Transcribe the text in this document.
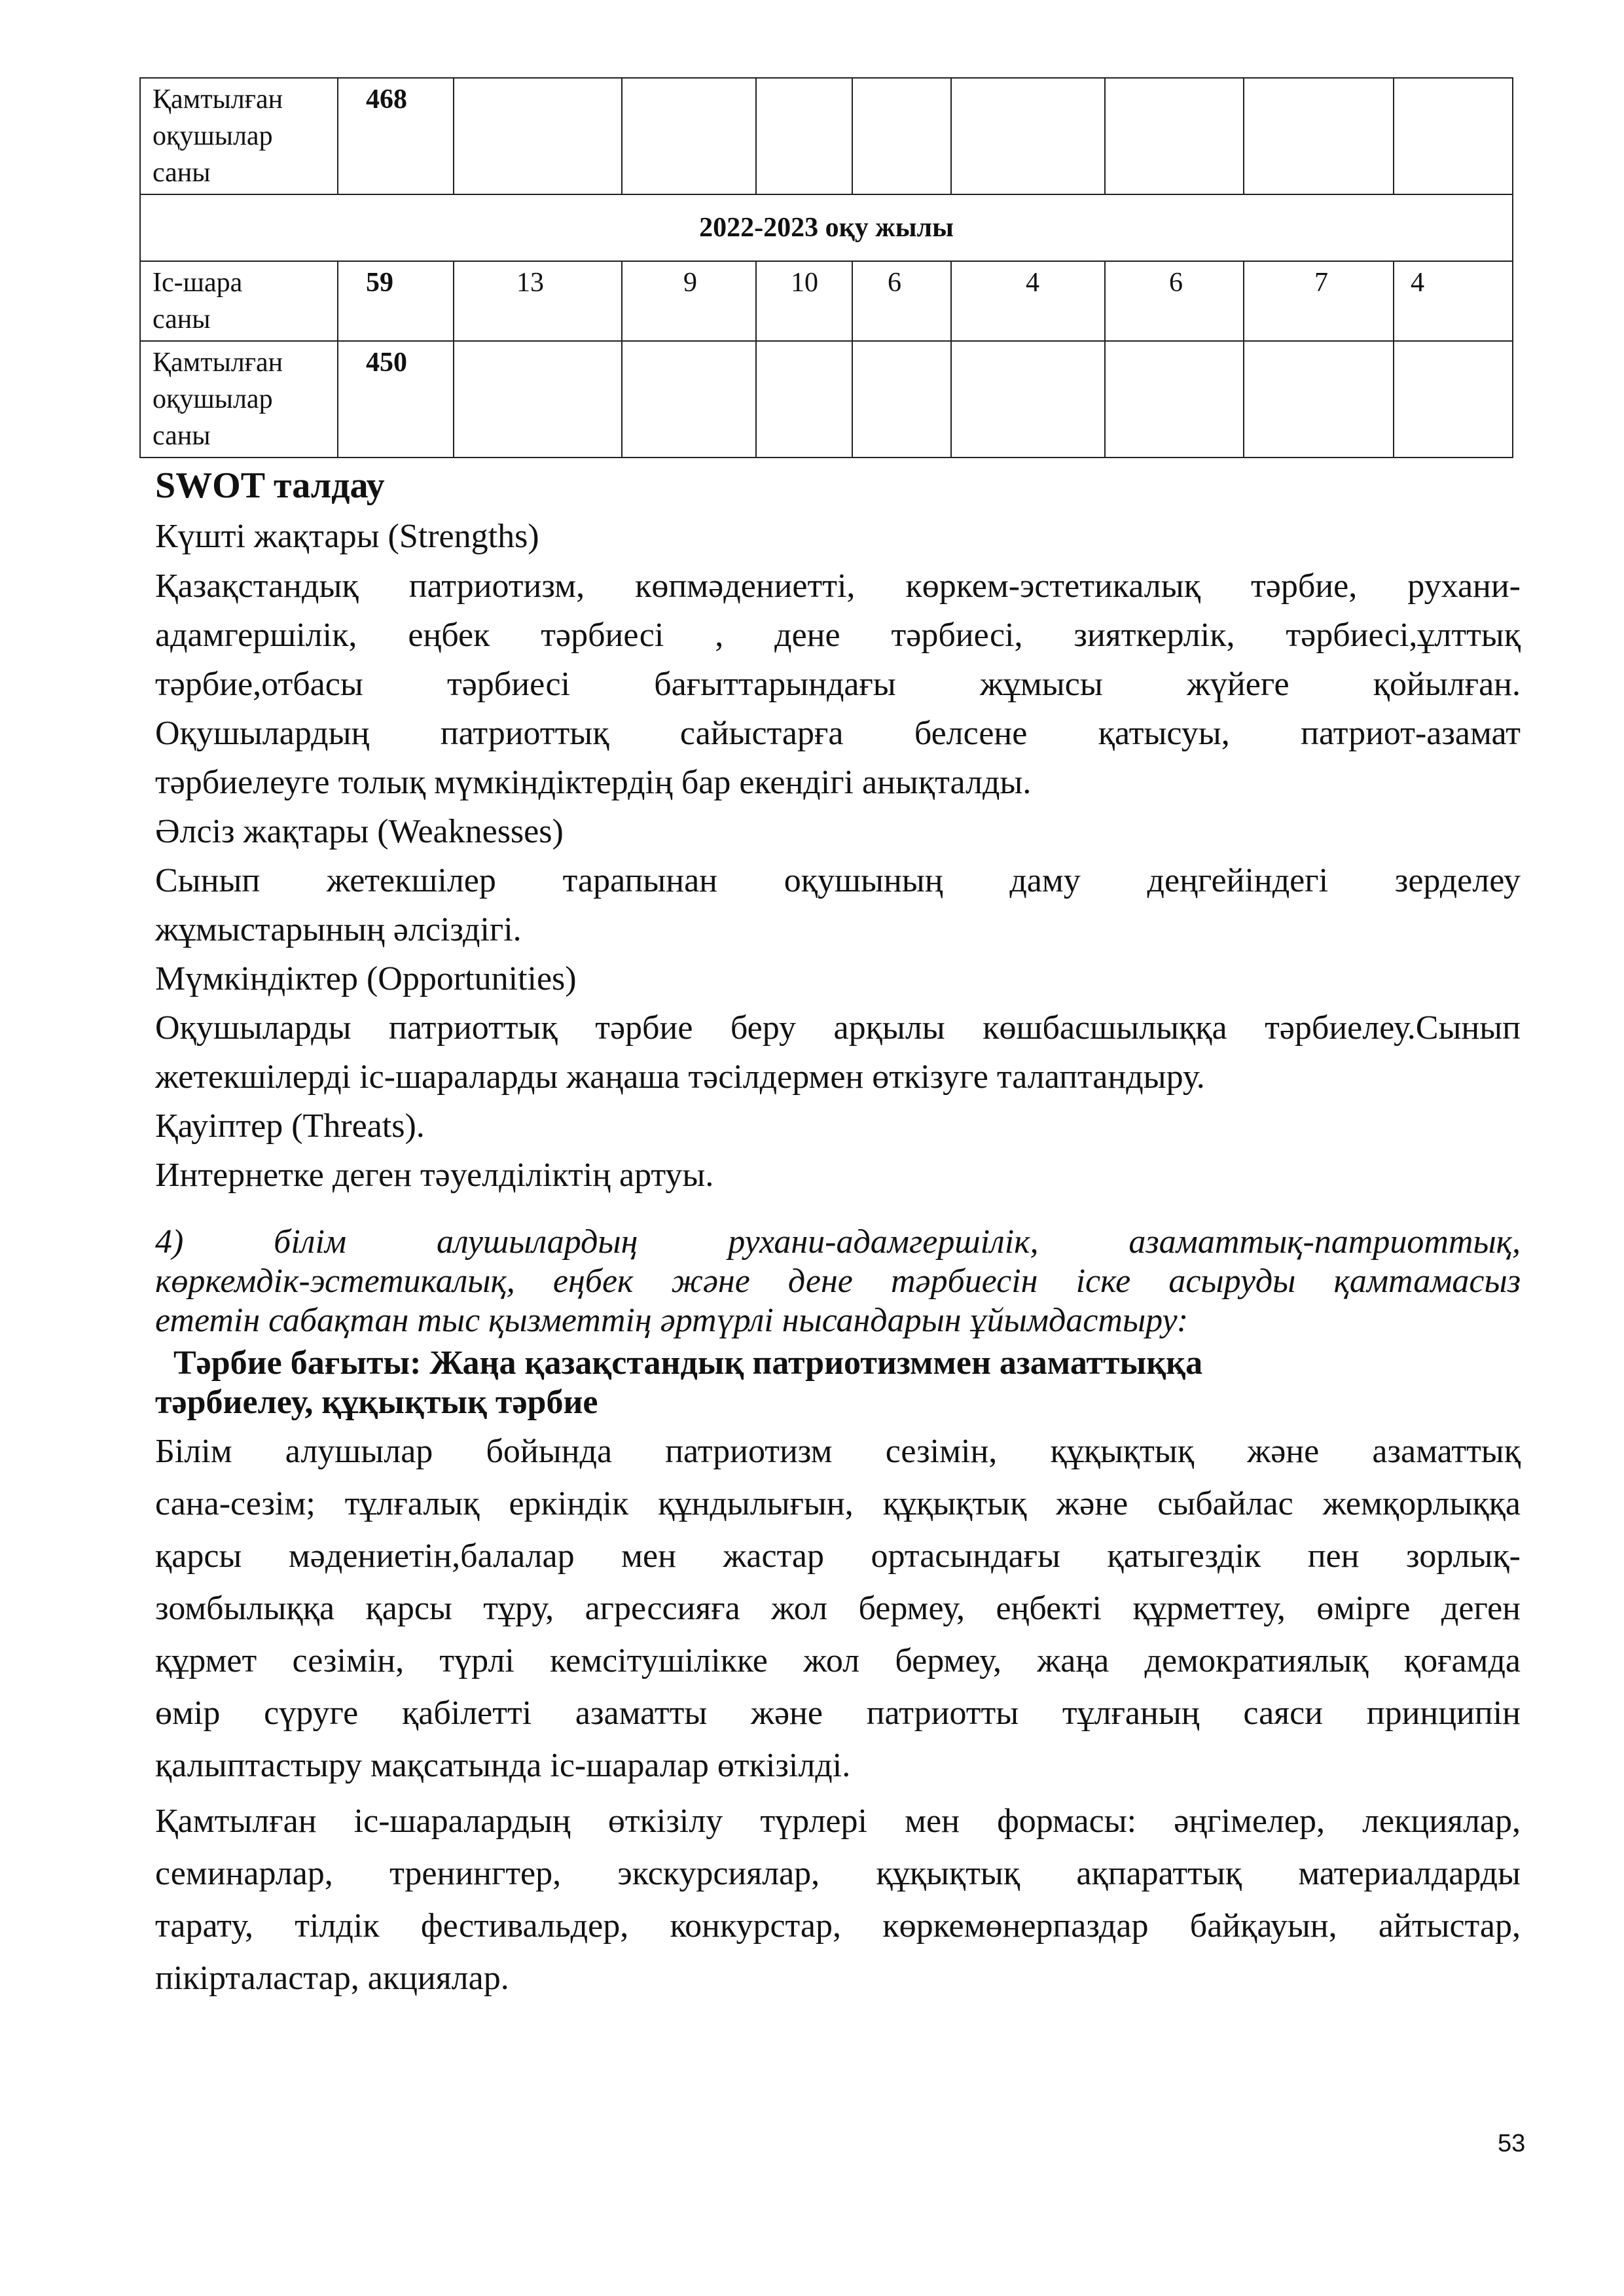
Қамтылған
оқушылар
саны	468								
2022-2023 оқу жылы									

Іс-шара
саны	59	13	9	10	6	4	6	7	4

Қамтылған
оқушылар
саны	450								
SWOT талдау
Күшті жақтары (Strengths)
Қазақстандық патриотизм, көпмәдениетті, көркем-эстетикалық тәрбие, рухани-
адамгершілік, еңбек тәрбиесі , дене тәрбиесі, зияткерлік, тәрбиесі,ұлттық
тәрбие,отбасы тәрбиесі бағыттарындағы жұмысы жүйеге қойылған.
Оқушылардың патриоттық сайыстарға белсене қатысуы, патриот-азамат
тәрбиелеуге толық мүмкіндіктердің бар екендігі анықталды.
Әлсіз жақтары (Weaknesses)
Сынып жетекшілер тарапынан оқушының даму деңгейіндегі зерделеу
жұмыстарының әлсіздігі.
Мүмкіндіктер (Opportunities)
Оқушыларды патриоттық тәрбие беру арқылы көшбасшылыққа тәрбиелеу.Сынып
жетекшілерді іс-шараларды жаңаша тәсілдермен өткізуге талаптандыру.
Қауіптер (Threats).
Интернетке деген тәуелділіктің артуы.
4) білім алушылардың рухани-адамгершілік, азаматтық-патриоттық,
көркемдік-эстетикалық, еңбек және дене тәрбиесін іске асыруды қамтамасыз
ететін сабақтан тыс қызметтің әртүрлі нысандарын ұйымдастыру:
Тәрбие бағыты: Жаңа қазақстандық патриотизммен азаматтыққа
тәрбиелеу, құқықтық тәрбие
Білім алушылар бойында патриотизм сезімін, құқықтық және азаматтық
сана-сезім; тұлғалық еркіндік құндылығын, құқықтық және сыбайлас жемқорлыққа
қарсы мәдениетін,балалар мен жастар ортасындағы қатыгездік пен зорлық-
зомбылыққа қарсы тұру, агрессияға жол бермеу, еңбекті құрметтеу, өмірге деген
құрмет сезімін, түрлі кемсітушілікке жол бермеу, жаңа демократиялық қоғамда
өмір сүруге қабілетті азаматты және патриотты тұлғаның саяси принципін
қалыптастыру мақсатында іс-шаралар өткізілді.
Қамтылған іс-шаралардың өткізілу түрлері мен формасы: әңгімелер, лекциялар,
семинарлар, тренингтер, экскурсиялар, құқықтық ақпараттық материалдарды
тарату, тілдік фестивальдер, конкурстар, көркемөнерпаздар байқауын, айтыстар,
пікірталастар, акциялар.
53
